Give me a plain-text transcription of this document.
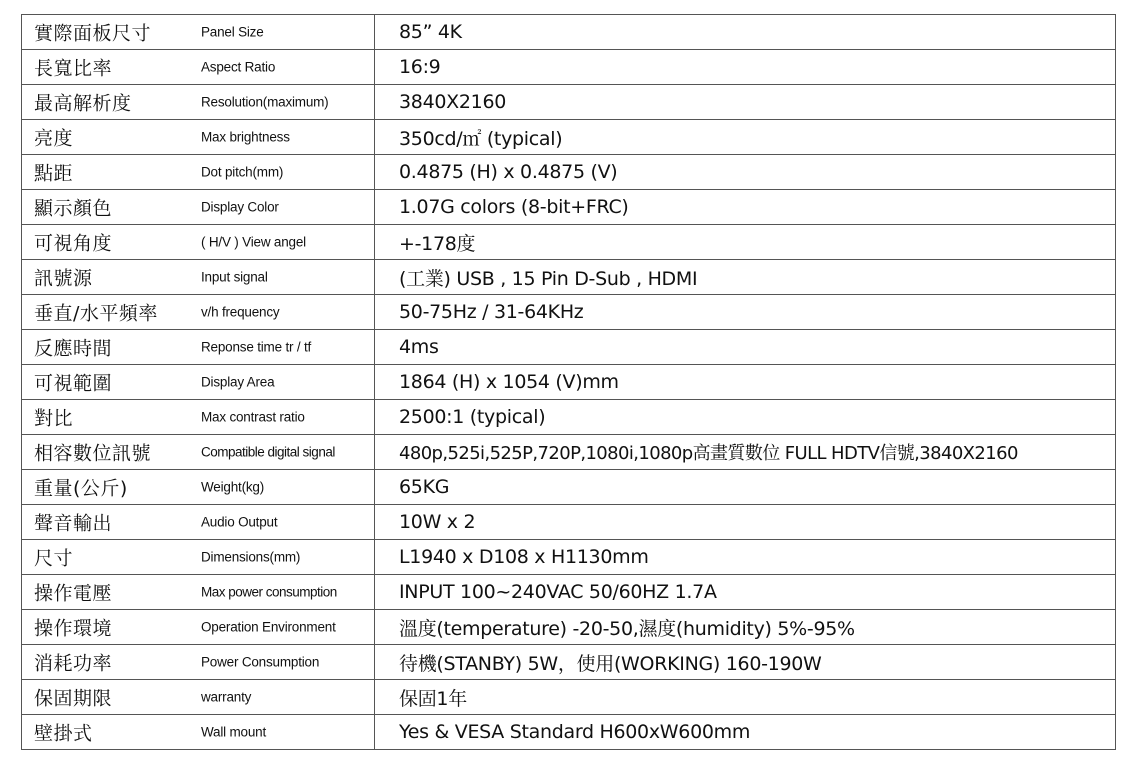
實際面板尺寸 Panel Size	85” 4K

長寬比率 Aspect Ratio	16:9

最高解析度 Resolution(maximum)	3840X2160

亮度 Max brightness	350cd/㎡ (typical)

點距 Dot pitch(mm)	0.4875 (H) x 0.4875 (V)

顯示顏色 Display Color	1.07G colors (8-bit+FRC)

可視角度 ( H/V ) View angel	+-178度

訊號源 Input signal	(工業) USB , 15 Pin D-Sub , HDMI

垂直/水平頻率 v/h frequency	50-75Hz / 31-64KHz

反應時間 Reponse time tr / tf	4ms

可視範圍 Display Area	1864 (H) x 1054 (V)mm

對比 Max contrast ratio	2500:1 (typical)

相容數位訊號 Compatible digital signal	480p,525i,525P,720P,1080i,1080p高畫質數位 FULL HDTV信號,3840X2160

重量(公斤) Weight(kg)	65KG

聲音輸出 Audio Output	10W x 2

尺寸 Dimensions(mm)	L1940 x D108 x H1130mm

操作電壓 Max power consumption	INPUT 100~240VAC 50/60HZ 1.7A

操作環境 Operation Environment	溫度(temperature) -20-50,濕度(humidity) 5%-95%

消耗功率 Power Consumption	待機(STANBY) 5W，使用(WORKING) 160-190W

保固期限 warranty	保固1年

壁掛式 Wall mount	Yes & VESA Standard H600xW600mm
